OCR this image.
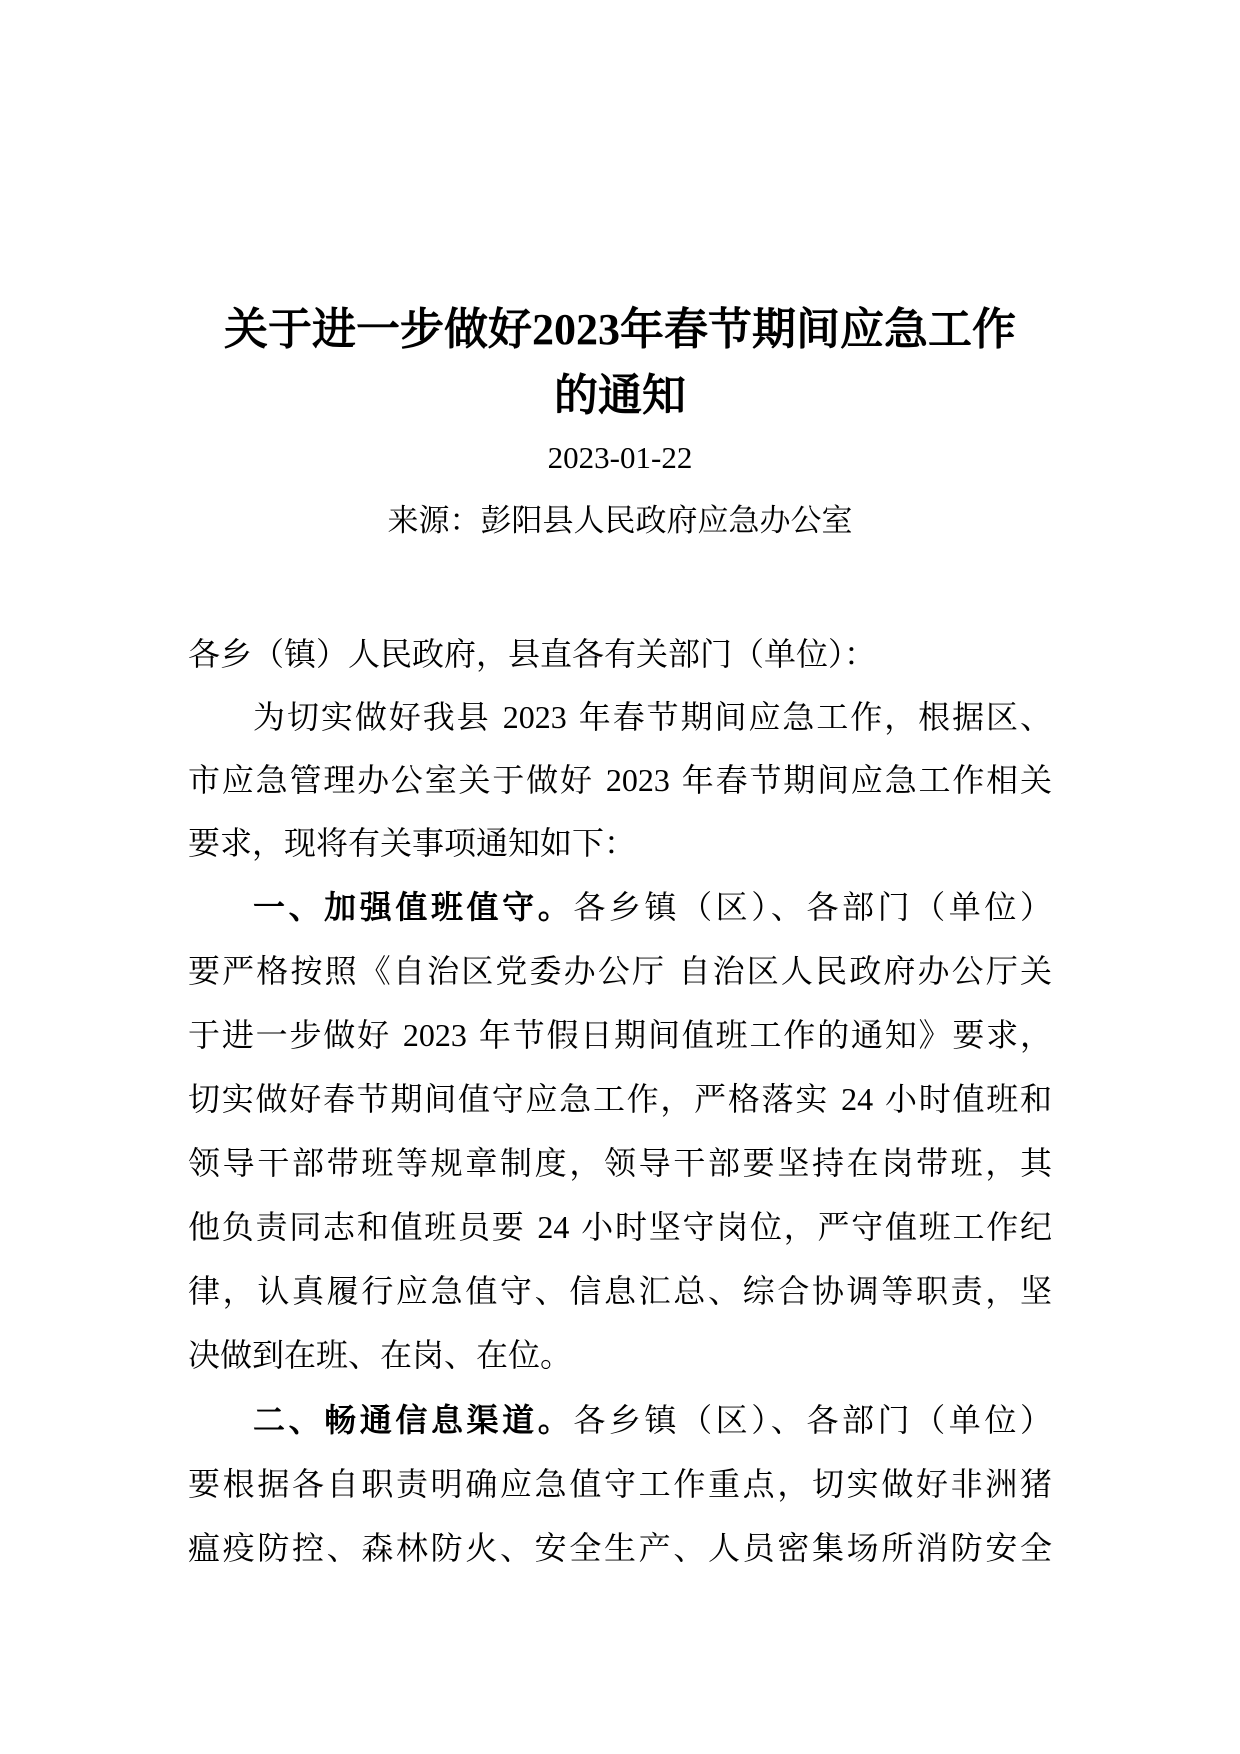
关于进一步做好2023年春节期间应急工作
的通知
2023-01-22
来源：彭阳县人民政府应急办公室
各乡（镇）人民政府，县直各有关部门（单位）：
为切实做好我县 2023 年春节期间应急工作，根据区、
市应急管理办公室关于做好 2023 年春节期间应急工作相关
要求，现将有关事项通知如下：
一、加强值班值守。各乡镇（区）、各部门（单位）
要严格按照《自治区党委办公厅 自治区人民政府办公厅关
于进一步做好 2023 年节假日期间值班工作的通知》要求，
切实做好春节期间值守应急工作，严格落实 24 小时值班和
领导干部带班等规章制度，领导干部要坚持在岗带班，其
他负责同志和值班员要 24 小时坚守岗位，严守值班工作纪
律，认真履行应急值守、信息汇总、综合协调等职责，坚
决做到在班、在岗、在位。
二、畅通信息渠道。各乡镇（区）、各部门（单位）
要根据各自职责明确应急值守工作重点，切实做好非洲猪
瘟疫防控、森林防火、安全生产、人员密集场所消防安全
